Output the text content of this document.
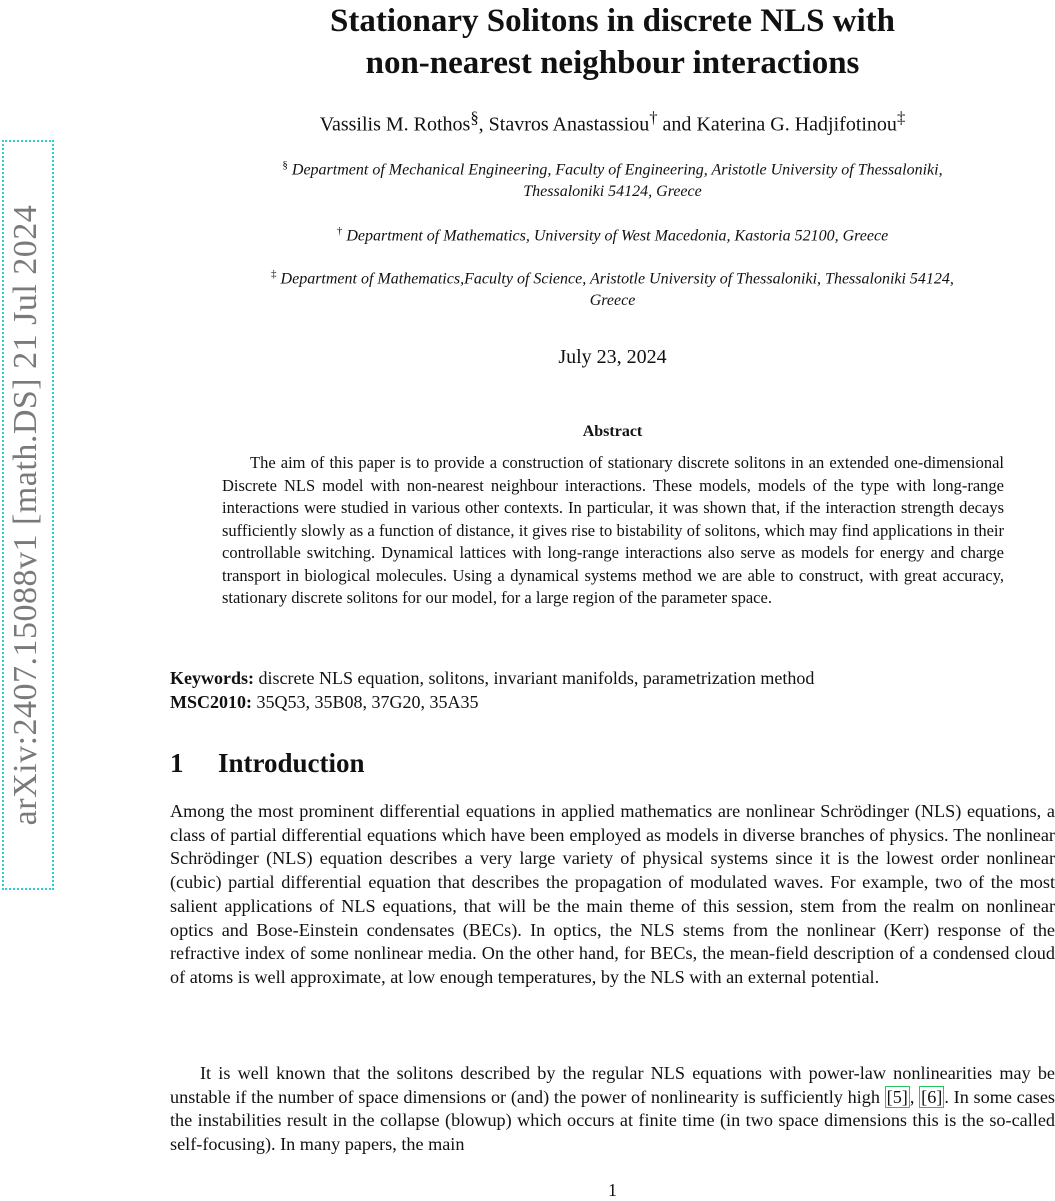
arXiv:2407.15088v1 [math.DS] 21 Jul 2024
Stationary Solitons in discrete NLS with
non-nearest neighbour interactions
Vassilis M. Rothos§, Stavros Anastassiou† and Katerina G. Hadjifotinou‡
§ Department of Mechanical Engineering, Faculty of Engineering, Aristotle University of Thessaloniki,
Thessaloniki 54124, Greece
† Department of Mathematics, University of West Macedonia, Kastoria 52100, Greece
‡ Department of Mathematics,Faculty of Science, Aristotle University of Thessaloniki, Thessaloniki 54124,
Greece
July 23, 2024
Abstract

The aim of this paper is to provide a construction of stationary discrete solitons in an extended one-dimensional Discrete NLS model with non-nearest neighbour interactions. These models, models of the type with long-range interactions were studied in various other contexts. In particular, it was shown that, if the interaction strength decays sufficiently slowly as a function of distance, it gives rise to bistability of solitons, which may find applications in their controllable switching. Dynamical lattices with long-range interactions also serve as models for energy and charge transport in biological molecules. Using a dynamical systems method we are able to construct, with great accuracy, stationary discrete solitons for our model, for a large region of the parameter space.

Keywords: discrete NLS equation, solitons, invariant manifolds, parametrization method
MSC2010: 35Q53, 35B08, 37G20, 35A35
1 Introduction

Among the most prominent differential equations in applied mathematics are nonlinear Schrödinger (NLS) equations, a class of partial differential equations which have been employed as models in diverse branches of physics. The nonlinear Schrödinger (NLS) equation describes a very large variety of physical systems since it is the lowest order nonlinear (cubic) partial differential equation that describes the propagation of modulated waves. For example, two of the most salient applications of NLS equations, that will be the main theme of this session, stem from the realm on nonlinear optics and Bose-Einstein condensates (BECs). In optics, the NLS stems from the nonlinear (Kerr) response of the refractive index of some nonlinear media. On the other hand, for BECs, the mean-field description of a condensed cloud of atoms is well approximate, at low enough temperatures, by the NLS with an external potential.

It is well known that the solitons described by the regular NLS equations with power-law nonlinearities may be unstable if the number of space dimensions or (and) the power of nonlinearity is sufficiently high [5] , [6] . In some cases the instabilities result in the collapse (blowup) which occurs at finite time (in two space dimensions this is the so-called self-focusing). In many papers, the main

1
